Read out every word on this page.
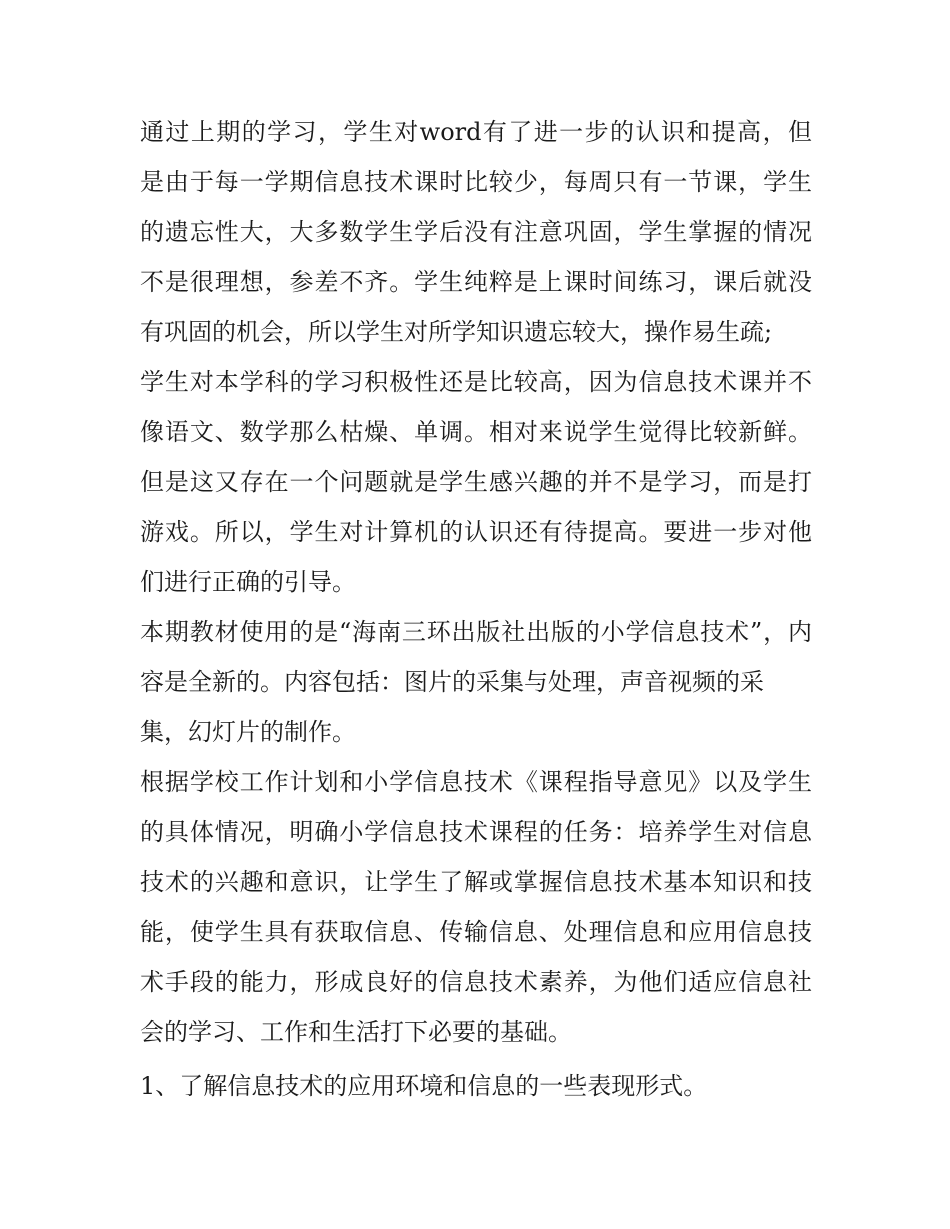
通过上期的学习，学生对word有了进一步的认识和提高，但
是由于每一学期信息技术课时比较少，每周只有一节课，学生
的遗忘性大，大多数学生学后没有注意巩固，学生掌握的情况
不是很理想，参差不齐。学生纯粹是上课时间练习，课后就没
有巩固的机会，所以学生对所学知识遗忘较大，操作易生疏;
学生对本学科的学习积极性还是比较高，因为信息技术课并不
像语文、数学那么枯燥、单调。相对来说学生觉得比较新鲜。
但是这又存在一个问题就是学生感兴趣的并不是学习，而是打
游戏。所以，学生对计算机的认识还有待提高。要进一步对他
们进行正确的引导。
本期教材使用的是“海南三环出版社出版的小学信息技术”，内
容是全新的。内容包括：图片的采集与处理，声音视频的采
集，幻灯片的制作。
根据学校工作计划和小学信息技术《课程指导意见》以及学生
的具体情况，明确小学信息技术课程的任务：培养学生对信息
技术的兴趣和意识，让学生了解或掌握信息技术基本知识和技
能，使学生具有获取信息、传输信息、处理信息和应用信息技
术手段的能力，形成良好的信息技术素养，为他们适应信息社
会的学习、工作和生活打下必要的基础。
1、了解信息技术的应用环境和信息的一些表现形式。
